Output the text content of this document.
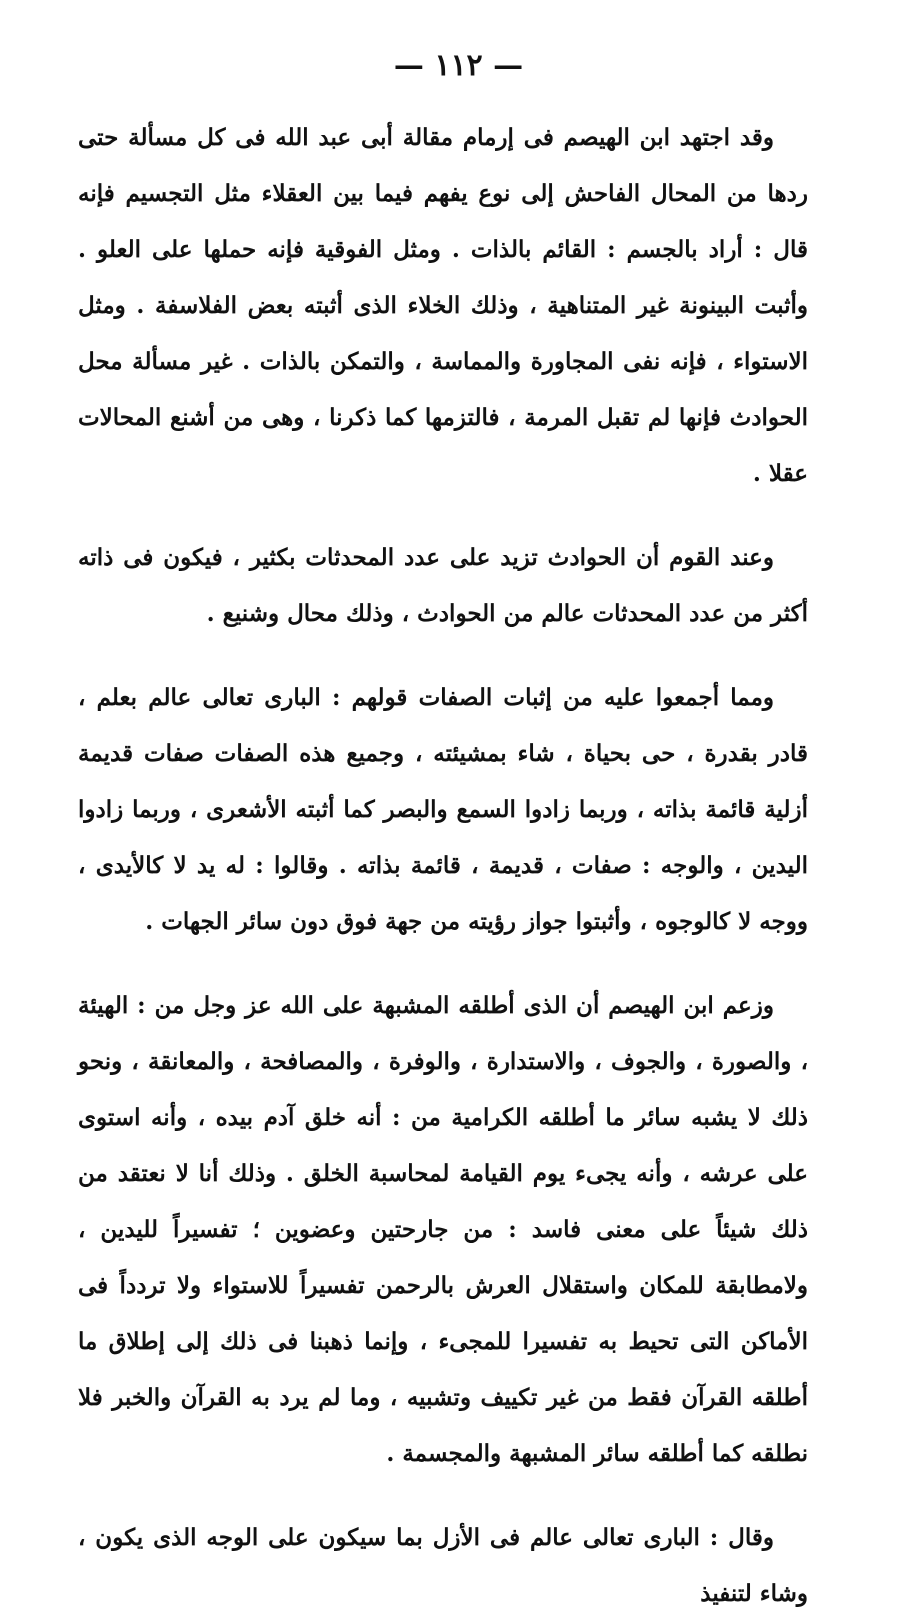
— ١١٢ —

وقد اجتهد ابن الهيصم فى إرمام مقالة أبى عبد الله فى كل مسألة حتى ردها من المحال الفاحش إلى نوع يفهم فيما بين العقلاء مثل التجسيم فإنه قال : أراد بالجسم : القائم بالذات . ومثل الفوقية فإنه حملها على العلو . وأثبت البينونة غير المتناهية ، وذلك الخلاء الذى أثبته بعض الفلاسفة . ومثل الاستواء ، فإنه نفى المجاورة والمماسة ، والتمكن بالذات . غير مسألة محل الحوادث فإنها لم تقبل المرمة ، فالتزمها كما ذكرنا ، وهى من أشنع المحالات عقلا .

وعند القوم أن الحوادث تزيد على عدد المحدثات بكثير ، فيكون فى ذاته أكثر من عدد المحدثات عالم من الحوادث ، وذلك محال وشنيع .

ومما أجمعوا عليه من إثبات الصفات قولهم : البارى تعالى عالم بعلم ، قادر بقدرة ، حى بحياة ، شاء بمشيئته ، وجميع هذه الصفات صفات قديمة أزلية قائمة بذاته ، وربما زادوا السمع والبصر كما أثبته الأشعرى ، وربما زادوا اليدين ، والوجه : صفات ، قديمة ، قائمة بذاته . وقالوا : له يد لا كالأيدى ، ووجه لا كالوجوه ، وأثبتوا جواز رؤيته من جهة فوق دون سائر الجهات .

وزعم ابن الهيصم أن الذى أطلقه المشبهة على الله عز وجل من : الهيئة ، والصورة ، والجوف ، والاستدارة ، والوفرة ، والمصافحة ، والمعانقة ، ونحو ذلك لا يشبه سائر ما أطلقه الكرامية من : أنه خلق آدم بيده ، وأنه استوى على عرشه ، وأنه يجىء يوم القيامة لمحاسبة الخلق . وذلك أنا لا نعتقد من ذلك شيئاً على معنى فاسد : من جارحتين وعضوين ؛ تفسيراً لليدين ، ولامطابقة للمكان واستقلال العرش بالرحمن تفسيراً للاستواء ولا تردداً فى الأماكن التى تحيط به تفسيرا للمجىء ، وإنما ذهبنا فى ذلك إلى إطلاق ما أطلقه القرآن فقط من غير تكييف وتشبيه ، وما لم يرد به القرآن والخبر فلا نطلقه كما أطلقه سائر المشبهة والمجسمة .

وقال : البارى تعالى عالم فى الأزل بما سيكون على الوجه الذى يكون ، وشاء لتنفيذ
